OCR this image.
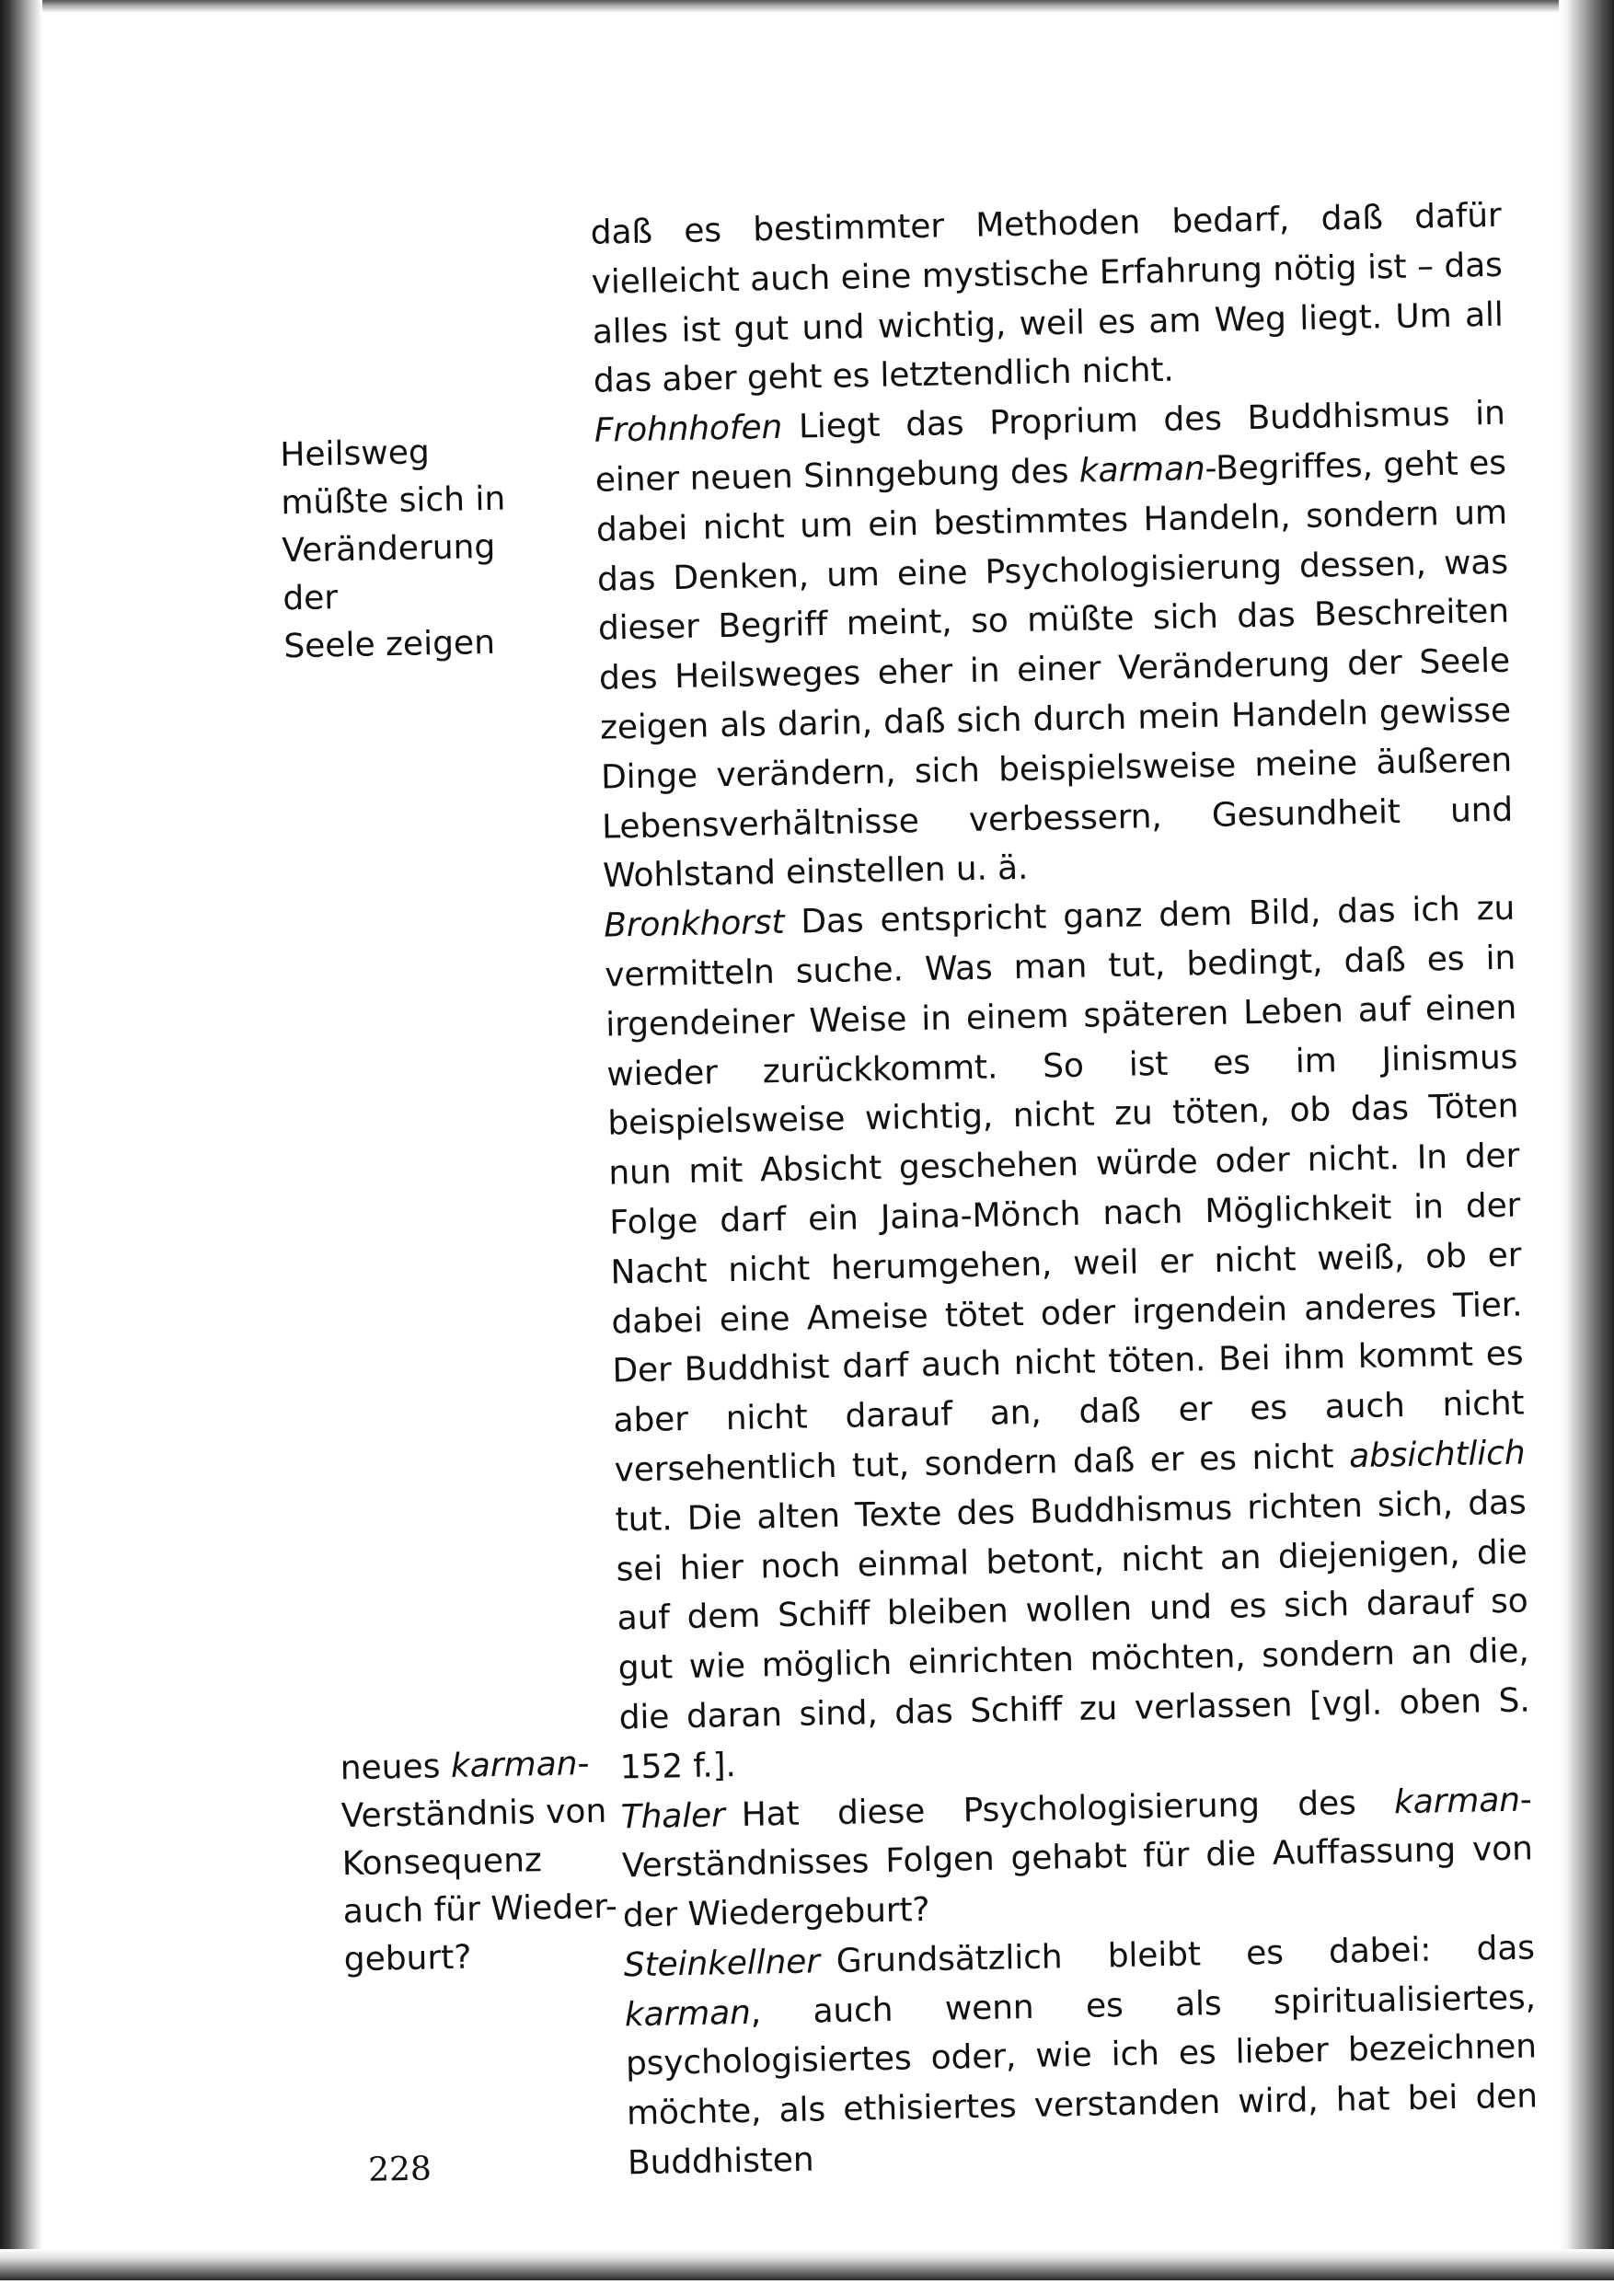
Heilsweg
müßte sich in
Veränderung der
Seele zeigen
neues karman-
Verständnis von
Konsequenz
auch für Wieder-
geburt?

daß es bestimmter Methoden bedarf, daß dafür vielleicht auch eine mystische Erfahrung nötig ist – das alles ist gut und wichtig, weil es am Weg liegt. Um all das aber geht es letztendlich nicht.

Frohnhofen Liegt das Proprium des Buddhismus in einer neuen Sinngebung des karman-Begriffes, geht es dabei nicht um ein bestimmtes Handeln, sondern um das Denken, um eine Psychologisierung dessen, was dieser Begriff meint, so müßte sich das Beschreiten des Heilsweges eher in einer Veränderung der Seele zeigen als darin, daß sich durch mein Handeln gewisse Dinge verändern, sich beispielsweise meine äußeren Lebensverhältnisse verbessern, Gesundheit und Wohlstand einstellen u. ä.

Bronkhorst Das entspricht ganz dem Bild, das ich zu vermitteln suche. Was man tut, bedingt, daß es in irgendeiner Weise in einem späteren Leben auf einen wieder zurückkommt. So ist es im Jinismus beispielsweise wichtig, nicht zu töten, ob das Töten nun mit Absicht geschehen würde oder nicht. In der Folge darf ein Jaina-Mönch nach Möglichkeit in der Nacht nicht herumgehen, weil er nicht weiß, ob er dabei eine Ameise tötet oder irgendein anderes Tier. Der Buddhist darf auch nicht töten. Bei ihm kommt es aber nicht darauf an, daß er es auch nicht versehentlich tut, sondern daß er es nicht absichtlich tut. Die alten Texte des Buddhismus richten sich, das sei hier noch einmal betont, nicht an diejenigen, die auf dem Schiff bleiben wollen und es sich darauf so gut wie möglich einrichten möchten, sondern an die, die daran sind, das Schiff zu verlassen [vgl. oben S. 152 f.].

Thaler Hat diese Psychologisierung des karman-Verständnisses Folgen gehabt für die Auffassung von der Wiedergeburt?

Steinkellner Grundsätzlich bleibt es dabei: das karman, auch wenn es als spiritualisiertes, psychologisiertes oder, wie ich es lieber bezeichnen möchte, als ethisiertes verstanden wird, hat bei den Buddhisten

228
